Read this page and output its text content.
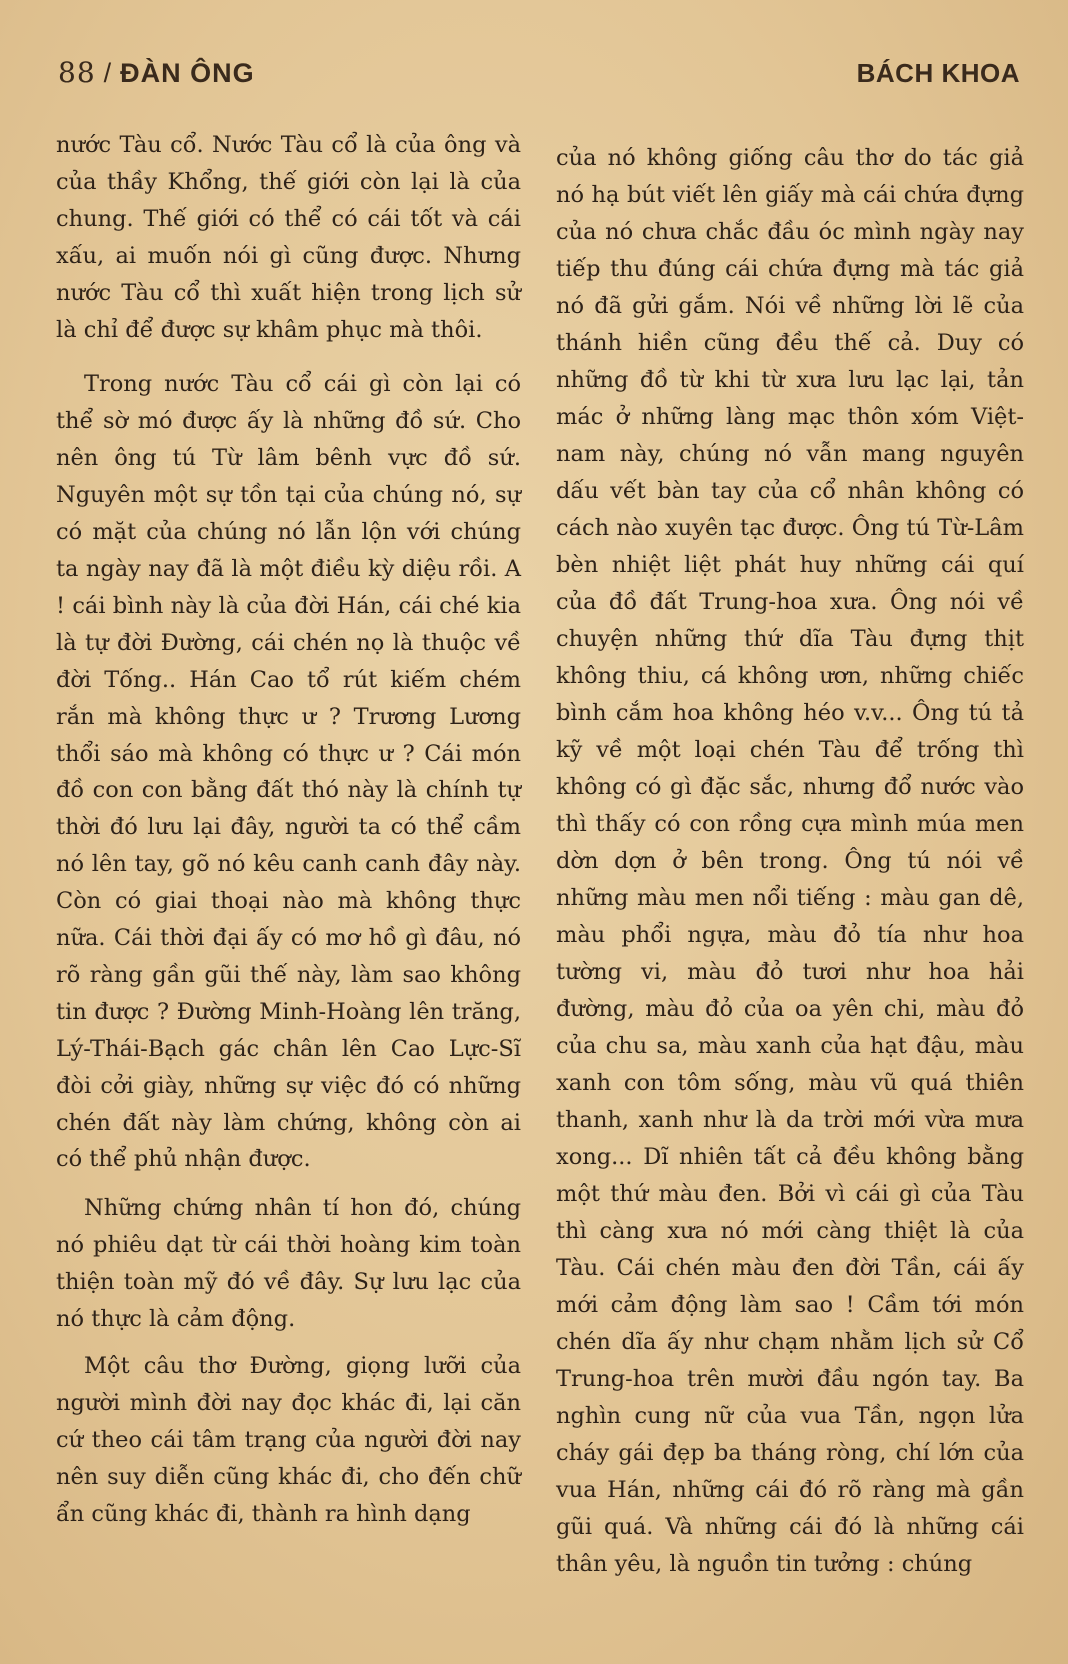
88 / ĐÀN ÔNG	BÁCH KHOA

nước Tàu cổ. Nước Tàu cổ là của ông và của thầy Khổng, thế giới còn lại là của chung. Thế giới có thể có cái tốt và cái xấu, ai muốn nói gì cũng được. Nhưng nước Tàu cổ thì xuất hiện trong lịch sử là chỉ để được sự khâm phục mà thôi.

Trong nước Tàu cổ cái gì còn lại có thể sờ mó được ấy là những đồ sứ. Cho nên ông tú Từ lâm bênh vực đồ sứ. Nguyên một sự tồn tại của chúng nó, sự có mặt của chúng nó lẫn lộn với chúng ta ngày nay đã là một điều kỳ diệu rồi. A ! cái bình này là của đời Hán, cái ché kia là tự đời Đường, cái chén nọ là thuộc về đời Tống.. Hán Cao tổ rút kiếm chém rắn mà không thực ư ? Trương Lương thổi sáo mà không có thực ư ? Cái món đồ con con bằng đất thó này là chính tự thời đó lưu lại đây, người ta có thể cầm nó lên tay, gõ nó kêu canh canh đây này. Còn có giai thoại nào mà không thực nữa. Cái thời đại ấy có mơ hồ gì đâu, nó rõ ràng gần gũi thế này, làm sao không tin được ? Đường Minh-Hoàng lên trăng, Lý-Thái-Bạch gác chân lên Cao Lực-Sĩ đòi cởi giày, những sự việc đó có những chén đất này làm chứng, không còn ai có thể phủ nhận được.

Những chứng nhân tí hon đó, chúng nó phiêu dạt từ cái thời hoàng kim toàn thiện toàn mỹ đó về đây. Sự lưu lạc của nó thực là cảm động.

Một câu thơ Đường, giọng lưỡi của người mình đời nay đọc khác đi, lại căn cứ theo cái tâm trạng của người đời nay nên suy diễn cũng khác đi, cho đến chữ ẩn cũng khác đi, thành ra hình dạng

của nó không giống câu thơ do tác giả nó hạ bút viết lên giấy mà cái chứa đựng của nó chưa chắc đầu óc mình ngày nay tiếp thu đúng cái chứa đựng mà tác giả nó đã gửi gắm. Nói về những lời lẽ của thánh hiền cũng đều thế cả. Duy có những đồ từ khi từ xưa lưu lạc lại, tản mác ở những làng mạc thôn xóm Việt-nam này, chúng nó vẫn mang nguyên dấu vết bàn tay của cổ nhân không có cách nào xuyên tạc được. Ông tú Từ-Lâm bèn nhiệt liệt phát huy những cái quí của đồ đất Trung-hoa xưa. Ông nói về chuyện những thứ dĩa Tàu đựng thịt không thiu, cá không ươn, những chiếc bình cắm hoa không héo v.v... Ông tú tả kỹ về một loại chén Tàu để trống thì không có gì đặc sắc, nhưng đổ nước vào thì thấy có con rồng cựa mình múa men dờn dợn ở bên trong. Ông tú nói về những màu men nổi tiếng : màu gan dê, màu phổi ngựa, màu đỏ tía như hoa tường vi, màu đỏ tươi như hoa hải đường, màu đỏ của oa yên chi, màu đỏ của chu sa, màu xanh của hạt đậu, màu xanh con tôm sống, màu vũ quá thiên thanh, xanh như là da trời mới vừa mưa xong... Dĩ nhiên tất cả đều không bằng một thứ màu đen. Bởi vì cái gì của Tàu thì càng xưa nó mới càng thiệt là của Tàu. Cái chén màu đen đời Tần, cái ấy mới cảm động làm sao ! Cầm tới món chén dĩa ấy như chạm nhằm lịch sử Cổ Trung-hoa trên mười đầu ngón tay. Ba nghìn cung nữ của vua Tần, ngọn lửa cháy gái đẹp ba tháng ròng, chí lớn của vua Hán, những cái đó rõ ràng mà gần gũi quá. Và những cái đó là những cái thân yêu, là nguồn tin tưởng : chúng
